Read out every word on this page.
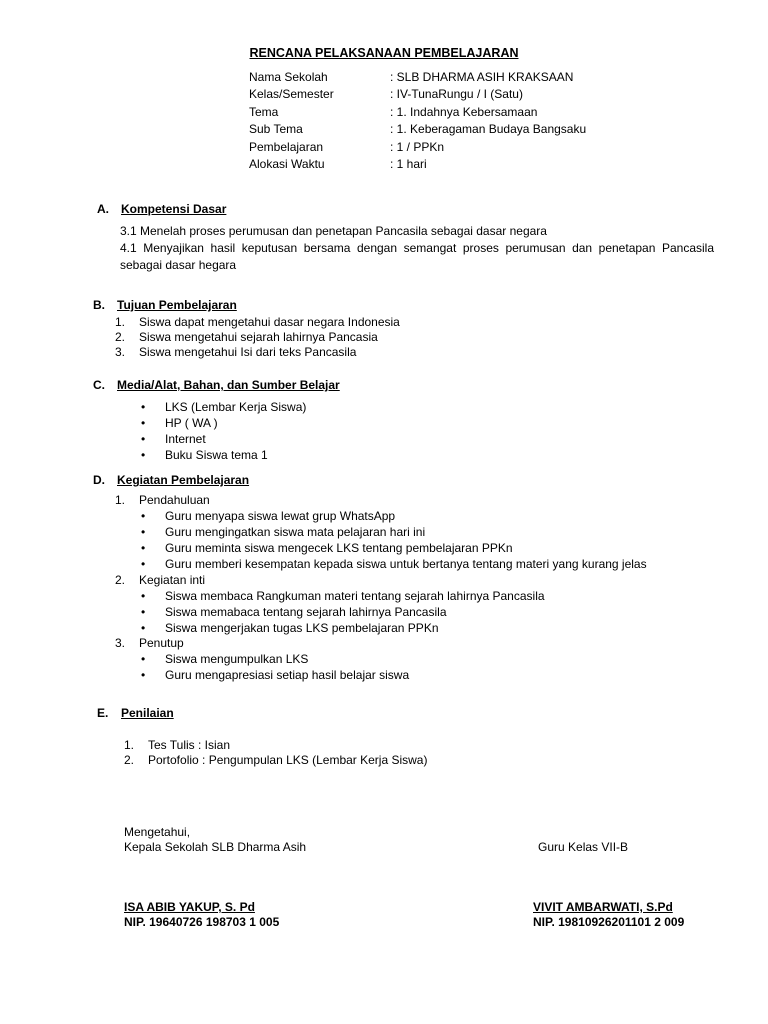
RENCANA PELAKSANAAN PEMBELAJARAN
Nama Sekolah	: SLB DHARMA ASIH KRAKSAAN
Kelas/Semester	: IV-TunaRungu / I (Satu)
Tema	: 1. Indahnya Kebersamaan
Sub Tema	: 1. Keberagaman Budaya Bangsaku
Pembelajaran	: 1 / PPKn
Alokasi Waktu	: 1 hari
A. Kompetensi Dasar
3.1 Menelah proses perumusan dan penetapan Pancasila sebagai dasar negara
4.1 Menyajikan hasil keputusan bersama dengan semangat proses perumusan dan penetapan Pancasila sebagai dasar hegara
B. Tujuan Pembelajaran
1. Siswa dapat mengetahui dasar negara Indonesia
2. Siswa mengetahui sejarah lahirnya Pancasia
3. Siswa mengetahui Isi dari teks Pancasila
C. Media/Alat, Bahan, dan Sumber Belajar
• LKS (Lembar Kerja Siswa)
• HP ( WA )
• Internet
• Buku Siswa tema 1
D. Kegiatan Pembelajaran
1. Pendahuluan
• Guru menyapa siswa lewat grup WhatsApp
• Guru mengingatkan siswa mata pelajaran hari ini
• Guru meminta siswa mengecek LKS tentang pembelajaran PPKn
• Guru memberi kesempatan kepada siswa untuk bertanya tentang materi yang kurang jelas
2. Kegiatan inti
• Siswa membaca Rangkuman materi tentang sejarah lahirnya Pancasila
• Siswa memabaca tentang sejarah lahirnya Pancasila
• Siswa mengerjakan tugas LKS pembelajaran PPKn
3. Penutup
• Siswa mengumpulkan LKS
• Guru mengapresiasi setiap hasil belajar siswa
E. Penilaian
1. Tes Tulis : Isian
2. Portofolio : Pengumpulan LKS (Lembar Kerja Siswa)
Mengetahui,
Kepala Sekolah SLB Dharma Asih	Guru Kelas VII-B
ISA ABIB YAKUP, S. Pd
NIP. 19640726 198703 1 005
VIVIT AMBARWATI, S.Pd
NIP. 19810926201101 2 009
